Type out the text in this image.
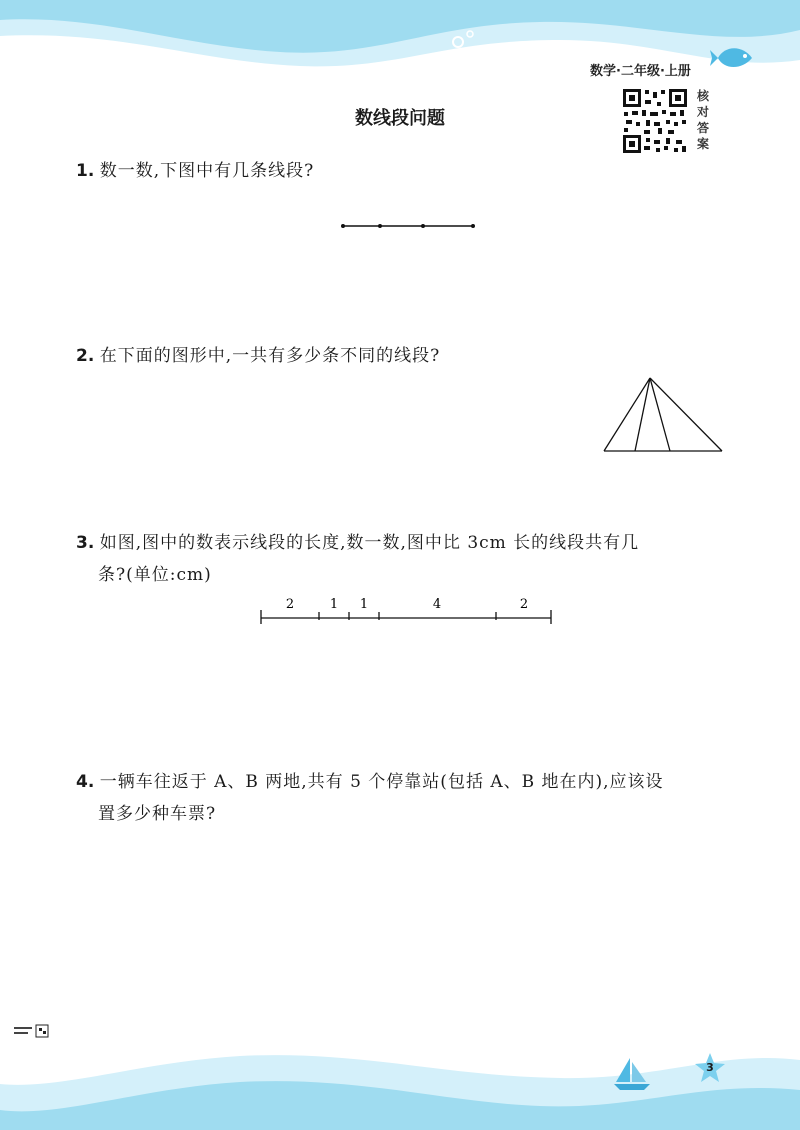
数学·二年级·上册
核
对
答
案
数线段问题
1. 数一数,下图中有几条线段?
2. 在下面的图形中,一共有多少条不同的线段?
3. 如图,图中的数表示线段的长度,数一数,图中比 3cm 长的线段共有几
条?(单位:cm)
2	1 1	4	2
4. 一辆车往返于 A、B 两地,共有 5 个停靠站(包括 A、B 地在内),应该设
置多少种车票?
3
